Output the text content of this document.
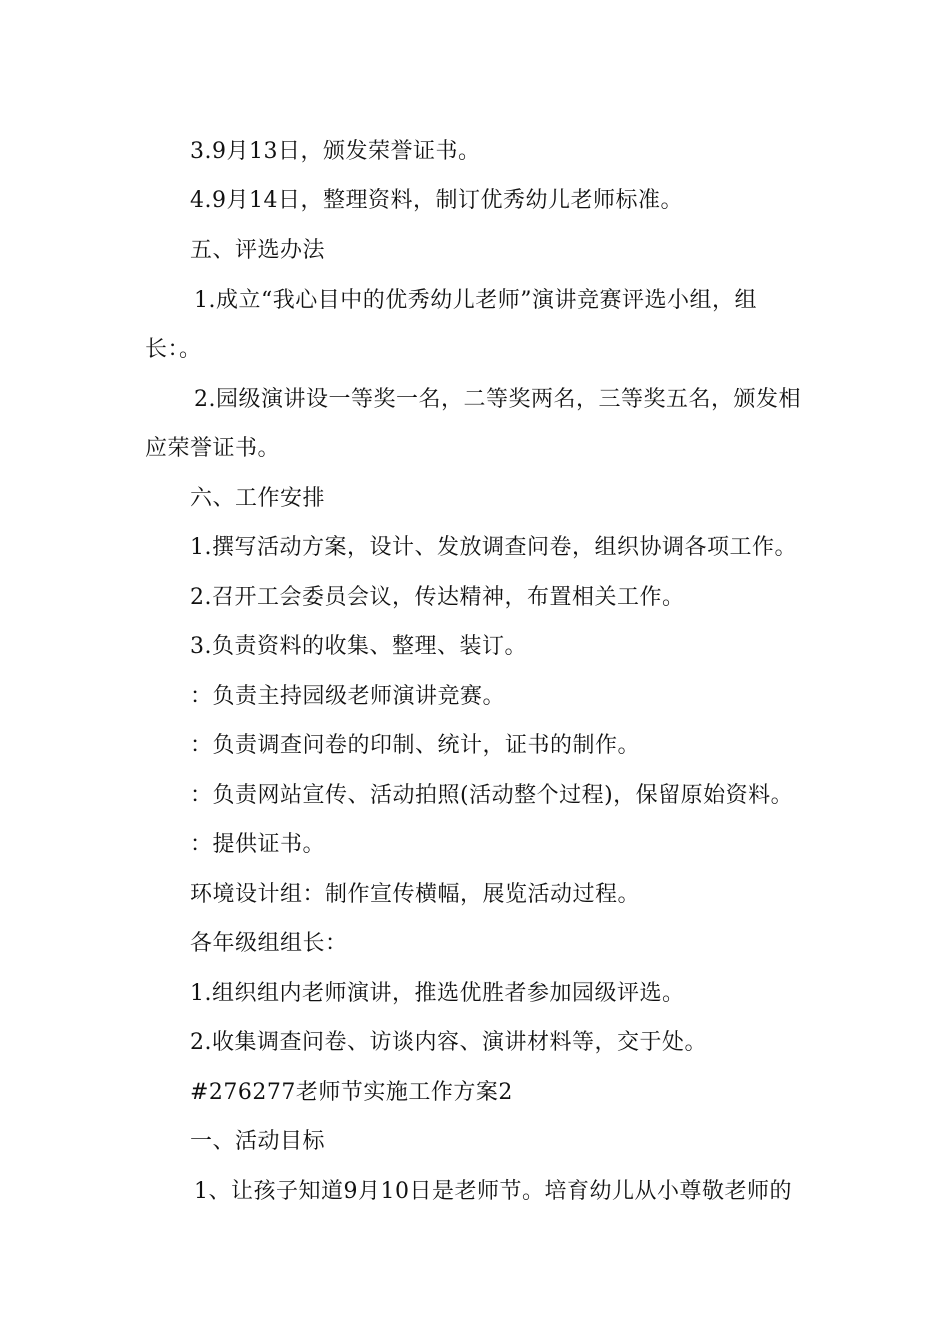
3.9月13日，颁发荣誉证书。
4.9月14日，整理资料，制订优秀幼儿老师标准。
五、评选办法
1.成立“我心目中的优秀幼儿老师”演讲竞赛评选小组，组
长：。
2.园级演讲设一等奖一名，二等奖两名，三等奖五名，颁发相
应荣誉证书。
六、工作安排
1.撰写活动方案，设计、发放调查问卷，组织协调各项工作。
2.召开工会委员会议，传达精神，布置相关工作。
3.负责资料的收集、整理、装订。
：负责主持园级老师演讲竞赛。
：负责调查问卷的印制、统计，证书的制作。
：负责网站宣传、活动拍照(活动整个过程)，保留原始资料。
：提供证书。
环境设计组：制作宣传横幅，展览活动过程。
各年级组组长：
1.组织组内老师演讲，推选优胜者参加园级评选。
2.收集调查问卷、访谈内容、演讲材料等，交于处。
#276277老师节实施工作方案2
一、活动目标
1、让孩子知道9月10日是老师节。培育幼儿从小尊敬老师的
